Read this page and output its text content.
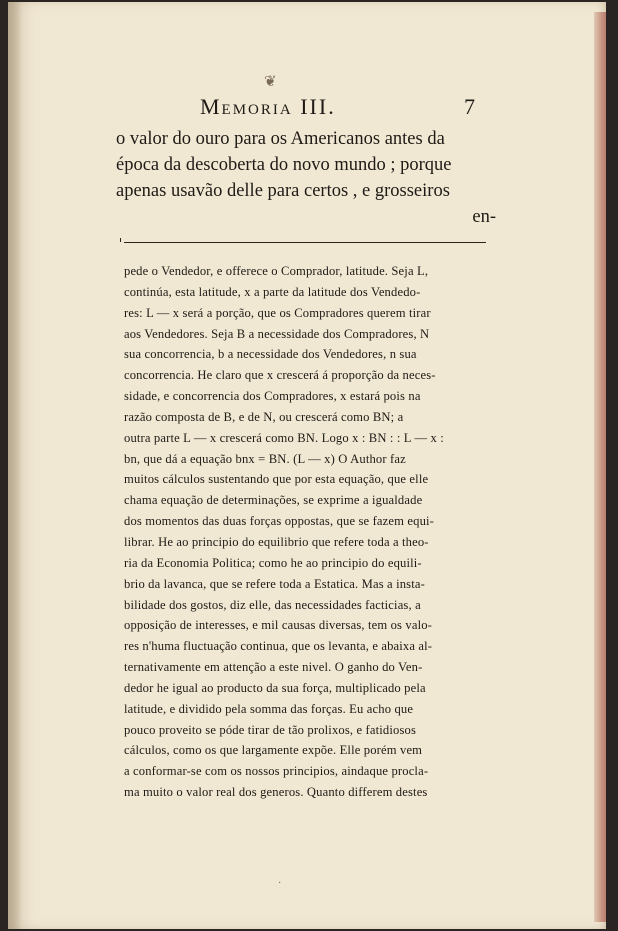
❦
Memoria III.	7
o valor do ouro para os Americanos antes da
época da descoberta do novo mundo ; porque
apenas usavão delle para certos , e grosseiros
en-
pede o Vendedor, e offerece o Comprador, latitude. Seja L,
continúa, esta latitude, x a parte da latitude dos Vendedo-
res: L — x será a porção, que os Compradores querem tirar
aos Vendedores. Seja B a necessidade dos Compradores, N
sua concorrencia, b a necessidade dos Vendedores, n sua
concorrencia. He claro que x crescerá á proporção da neces-
sidade, e concorrencia dos Compradores, x estará pois na
razão composta de B, e de N, ou crescerá como BN; a
outra parte L — x crescerá como BN. Logo x : BN : : L — x :
bn, que dá a equação bnx = BN. (L — x) O Author faz
muitos cálculos sustentando que por esta equação, que elle
chama equação de determinações, se exprime a igualdade
dos momentos das duas forças oppostas, que se fazem equi-
librar. He ao principio do equilibrio que refere toda a theo-
ria da Economia Politica; como he ao principio do equili-
brio da lavanca, que se refere toda a Estatica. Mas a insta-
bilidade dos gostos, diz elle, das necessidades facticias, a
opposição de interesses, e mil causas diversas, tem os valo-
res n'huma fluctuação continua, que os levanta, e abaixa al-
ternativamente em attenção a este nivel. O ganho do Ven-
dedor he igual ao producto da sua força, multiplicado pela
latitude, e dividido pela somma das forças. Eu acho que
pouco proveito se póde tirar de tão prolixos, e fatidiosos
cálculos, como os que largamente expõe. Elle porém vem
a conformar-se com os nossos principios, aindaque procla-
ma muito o valor real dos generos. Quanto differem destes
·
